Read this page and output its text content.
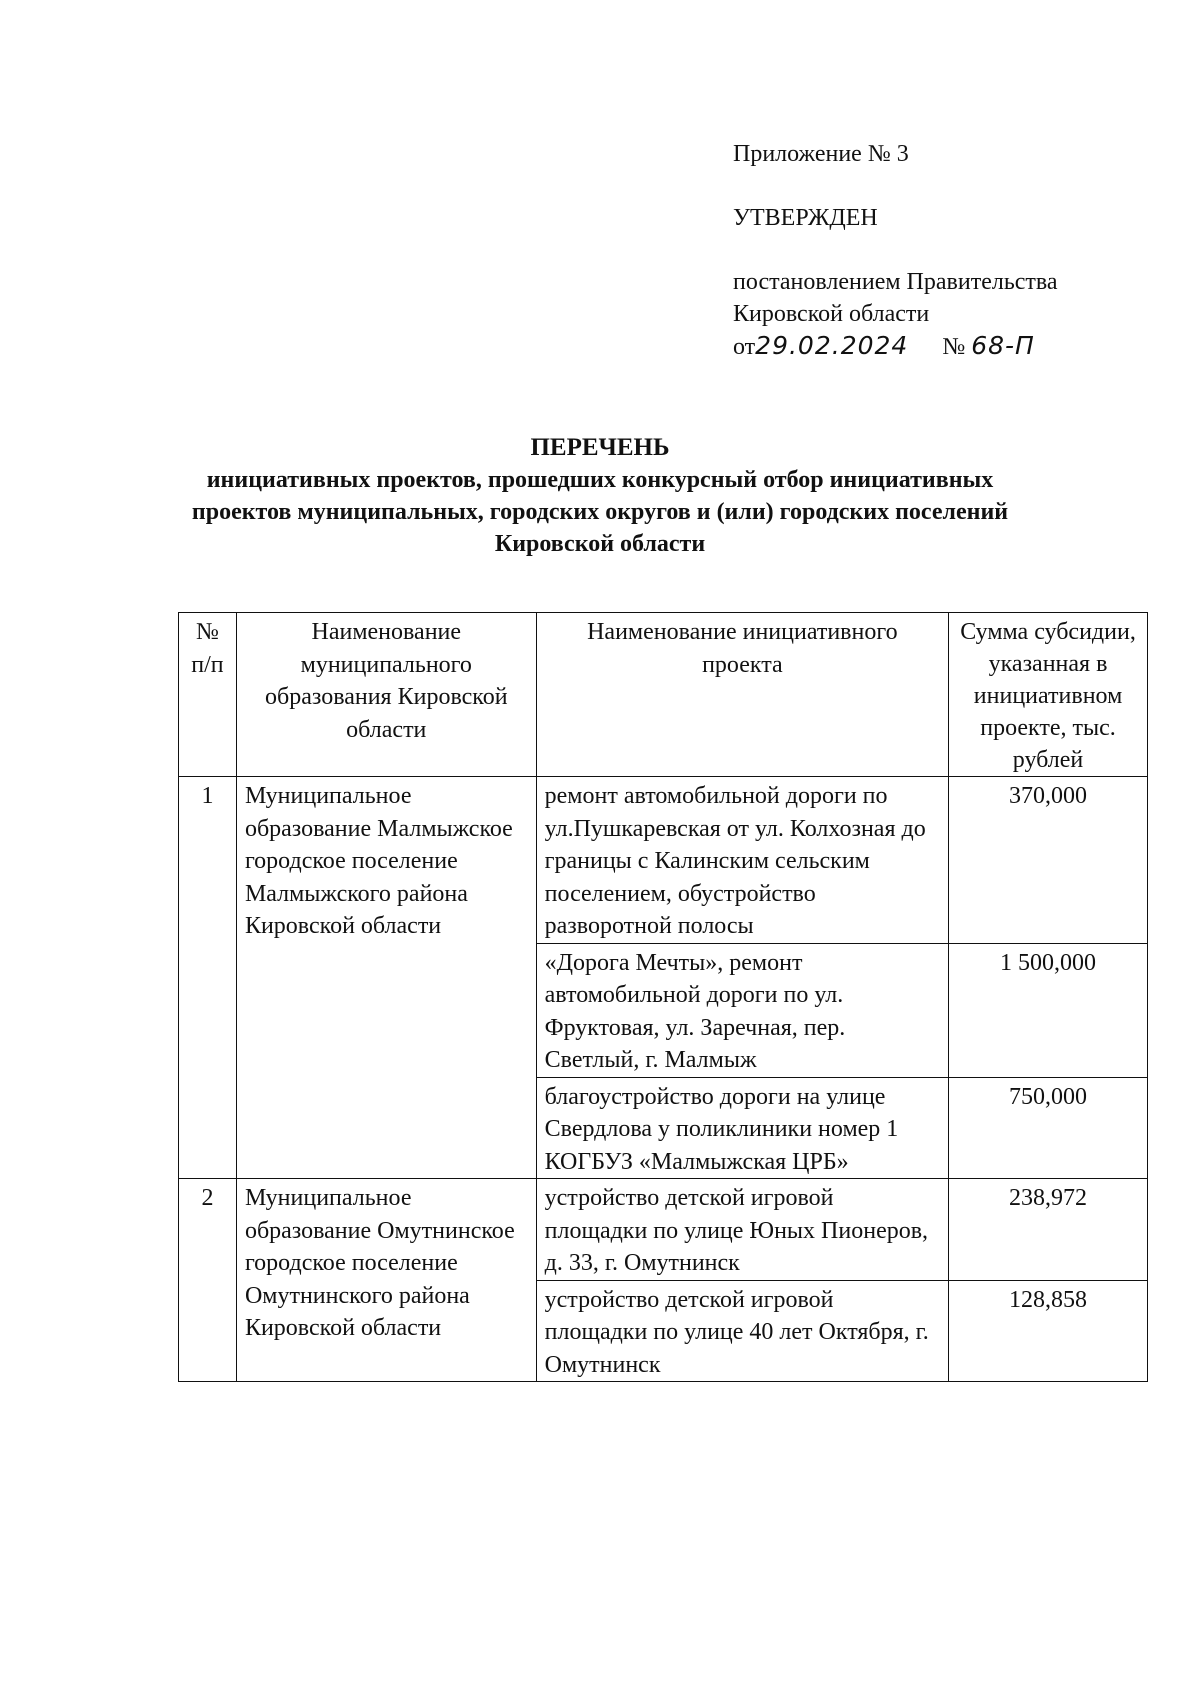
Приложение № 3
УТВЕРЖДЕН
постановлением Правительства
Кировской области
от29.02.2024 № 68-П
ПЕРЕЧЕНЬ
инициативных проектов, прошедших конкурсный отбор инициативных
проектов муниципальных, городских округов и (или) городских поселений
Кировской области
№ п/п	Наименование муниципального образования Кировской области	Наименование инициативного проекта	Сумма субсидии, указанная в инициативном проекте, тыс. рублей
1	Муниципальное образование Малмыжское городское поселение Малмыжского района Кировской области	ремонт автомобильной дороги по ул.Пушкаревская от ул. Колхозная до границы с Калинским сельским поселением, обустройство разворотной полосы	370,000
		«Дорога Мечты», ремонт автомобильной дороги по ул. Фруктовая, ул. Заречная, пер. Светлый, г. Малмыж	1 500,000
		благоустройство дороги на улице Свердлова у поликлиники номер 1 КОГБУЗ «Малмыжская ЦРБ»	750,000
2	Муниципальное образование Омутнинское городское поселение Омутнинского района Кировской области	устройство детской игровой площадки по улице Юных Пионеров, д. 33, г. Омутнинск	238,972
		устройство детской игровой площадки по улице 40 лет Октября, г. Омутнинск	128,858
